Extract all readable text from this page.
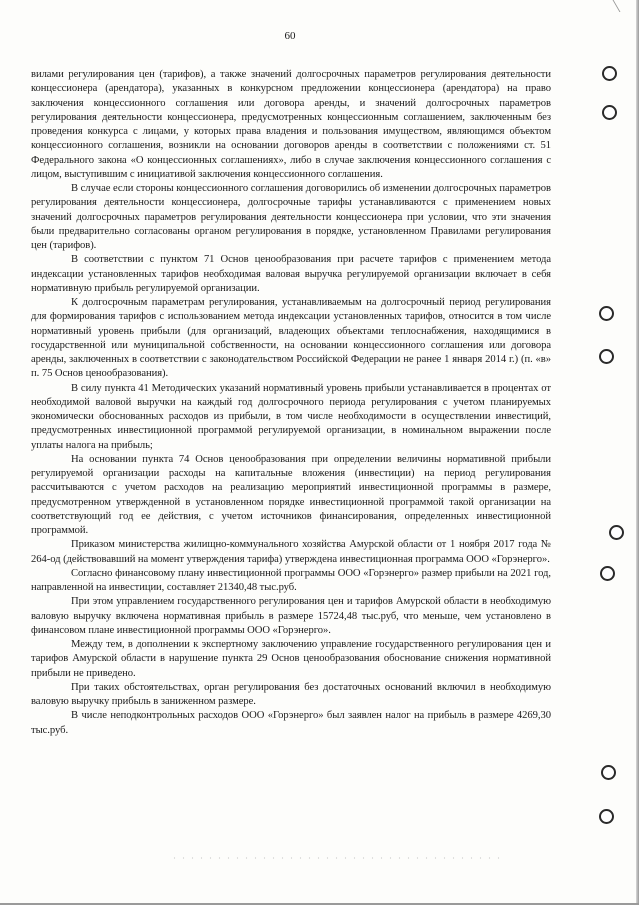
60

вилами регулирования цен (тарифов), а также значений долгосрочных параметров регулирования деятельности концессионера (арендатора), указанных в конкурсном предложении концессионера (арендатора) на право заключения концессионного соглашения или договора аренды, и значений долгосрочных параметров регулирования деятельности концессионера, предусмотренных концессионным соглашением, заключенным без проведения конкурса с лицами, у которых права владения и пользования имуществом, являющимся объектом концессионного соглашения, возникли на основании договоров аренды в соответствии с положениями ст. 51 Федерального закона «О концессионных соглашениях», либо в случае заключения концессионного соглашения с лицом, выступившим с инициативой заключения концессионного соглашения.

В случае если стороны концессионного соглашения договорились об изменении долгосрочных параметров регулирования деятельности концессионера, долгосрочные тарифы устанавливаются с применением новых значений долгосрочных параметров регулирования деятельности концессионера при условии, что эти значения были предварительно согласованы органом регулирования в порядке, установленном Правилами регулирования цен (тарифов).

В соответствии с пунктом 71 Основ ценообразования при расчете тарифов с применением метода индексации установленных тарифов необходимая валовая выручка регулируемой организации включает в себя нормативную прибыль регулируемой организации.

К долгосрочным параметрам регулирования, устанавливаемым на долгосрочный период регулирования для формирования тарифов с использованием метода индексации установленных тарифов, относится в том числе нормативный уровень прибыли (для организаций, владеющих объектами теплоснабжения, находящимися в государственной или муниципальной собственности, на основании концессионного соглашения или договора аренды, заключенных в соответствии с законодательством Российской Федерации не ранее 1 января 2014 г.) (п. «в» п. 75 Основ ценообразования).

В силу пункта 41 Методических указаний нормативный уровень прибыли устанавливается в процентах от необходимой валовой выручки на каждый год долгосрочного периода регулирования с учетом планируемых экономически обоснованных расходов из прибыли, в том числе необходимости в осуществлении инвестиций, предусмотренных инвестиционной программой регулируемой организации, в номинальном выражении после уплаты налога на прибыль;

На основании пункта 74 Основ ценообразования при определении величины нормативной прибыли регулируемой организации расходы на капитальные вложения (инвестиции) на период регулирования рассчитываются с учетом расходов на реализацию мероприятий инвестиционной программы в размере, предусмотренном утвержденной в установленном порядке инвестиционной программой такой организации на соответствующий год ее действия, с учетом источников финансирования, определенных инвестиционной программой.

Приказом министерства жилищно-коммунального хозяйства Амурской области от 1 ноября 2017 года № 264-од (действовавший на момент утверждения тарифа) утверждена инвестиционная программа ООО «Горэнерго».

Согласно финансовому плану инвестиционной программы ООО «Горэнерго» размер прибыли на 2021 год, направленной на инвестиции, составляет 21340,48 тыс.руб.

При этом управлением государственного регулирования цен и тарифов Амурской области в необходимую валовую выручку включена нормативная прибыль в размере 15724,48 тыс.руб, что меньше, чем установлено в финансовом плане инвестиционной программы ООО «Горэнерго».

Между тем, в дополнении к экспертному заключению управление государственного регулирования цен и тарифов Амурской области в нарушение пункта 29 Основ ценообразования обоснование снижения нормативной прибыли не приведено.

При таких обстоятельствах, орган регулирования без достаточных оснований включил в необходимую валовую выручку прибыль в заниженном размере.

В числе неподконтрольных расходов ООО «Горэнерго» был заявлен налог на прибыль в размере 4269,30 тыс.руб.
